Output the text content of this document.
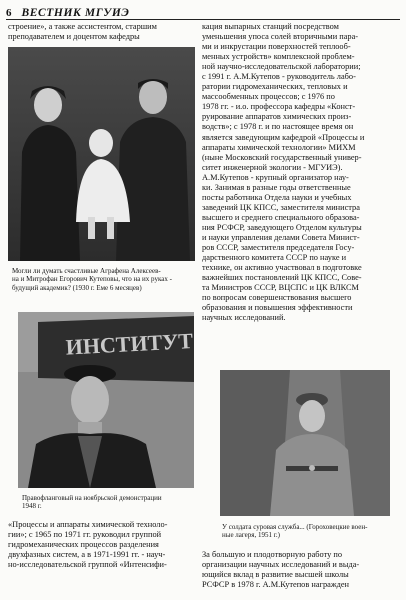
6 ВЕСТНИК МГУИЭ

строение», а также ассистентом, старшим
преподавателем и доцентом кафедры

Могли ли думать счастливые Аграфена Алексеев-
на и Митрофан Егорович Кутеповы, что на их руках -
будущий академик? (1930 г. Еме 6 месяцев)

ИНСТИТУТ

Правофланговый на ноябрьской демонстрации
1948 г.

«Процессы и аппараты химической техноло-
гии»; с 1965 по 1971 гг. руководил группой
гидромеханических процессов разделения
двухфазных систем, а в 1971-1991 гг. - науч-
но-исследовательской группой «Интенсифи-

кация выпарных станций посредством
уменьшения упоса солей вторичными пара-
ми и инкрустации поверхностей теплооб-
менных устройств» комплексной проблем-
ной научно-исследовательской лаборатории;
с 1991 г. А.М.Кутепов - руководитель лабо-
ратории гидромеханических, тепловых и
массообменных процессов; с 1976 по
1978 гг. - и.о. профессора кафедры «Конст-
руирование аппаратов химических произ-
водств»; с 1978 г. и по настоящее время он
является заведующим кафедрой «Процессы и
аппараты химической технологии» МИХМ
(ныне Московский государственный универ-
ситет инженерной экологии - МГУИЭ).
А.М.Кутепов - крупный организатор нау-
ки. Занимая в разные годы ответственные
посты работника Отдела науки и учебных
заведений ЦК КПСС, заместителя министра
высшего и среднего специального образова-
ния РСФСР, заведующего Отделом культуры
и науки управления делами Совета Минист-
ров СССР, заместителя председателя Госу-
дарственного комитета СССР по науке и
технике, он активно участвовал в подготовке
важнейших постановлений ЦК КПСС, Сове-
та Министров СССР, ВЦСПС и ЦК ВЛКСМ
по вопросам совершенствования высшего
образования и повышения эффективности
научных исследований.

У солдата суровая служба... (Гороховецкие воен-
ные лагеря, 1951 г.)

За большую и плодотворную работу по
организации научных исследований и выда-
ющийся вклад в развитие высшей школы
РСФСР в 1978 г. А.М.Кутепов награжден
